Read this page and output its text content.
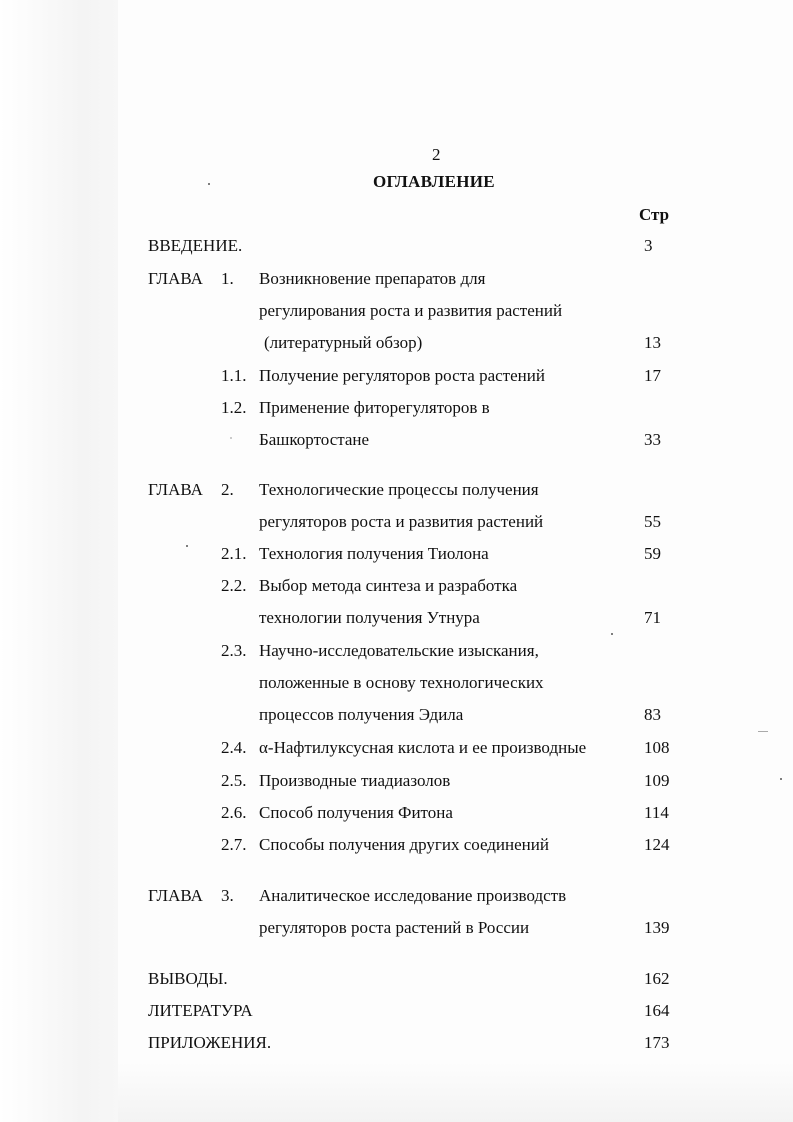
2
ОГЛАВЛЕНИЕ
Стр
ВВЕДЕНИЕ.	3
ГЛАВА 1. Возникновение препаратов для
регулирования роста и развития растений
(литературный обзор)	13
1.1. Получение регуляторов роста растений	17
1.2. Применение фиторегуляторов в
Башкортостане	33
ГЛАВА 2. Технологические процессы получения
регуляторов роста и развития растений	55
2.1. Технология получения Тиолона	59
2.2. Выбор метода синтеза и разработка
технологии получения Утнура	71
2.3. Научно-исследовательские изыскания,
положенные в основу технологических
процессов получения Эдила	83
2.4. α-Нафтилуксусная кислота и ее производные	108
2.5. Производные тиадиазолов	109
2.6. Способ получения Фитона	114
2.7. Способы получения других соединений	124
ГЛАВА 3. Аналитическое исследование производств
регуляторов роста растений в России	139
ВЫВОДЫ.	162
ЛИТЕРАТУРА	164
ПРИЛОЖЕНИЯ.	173
